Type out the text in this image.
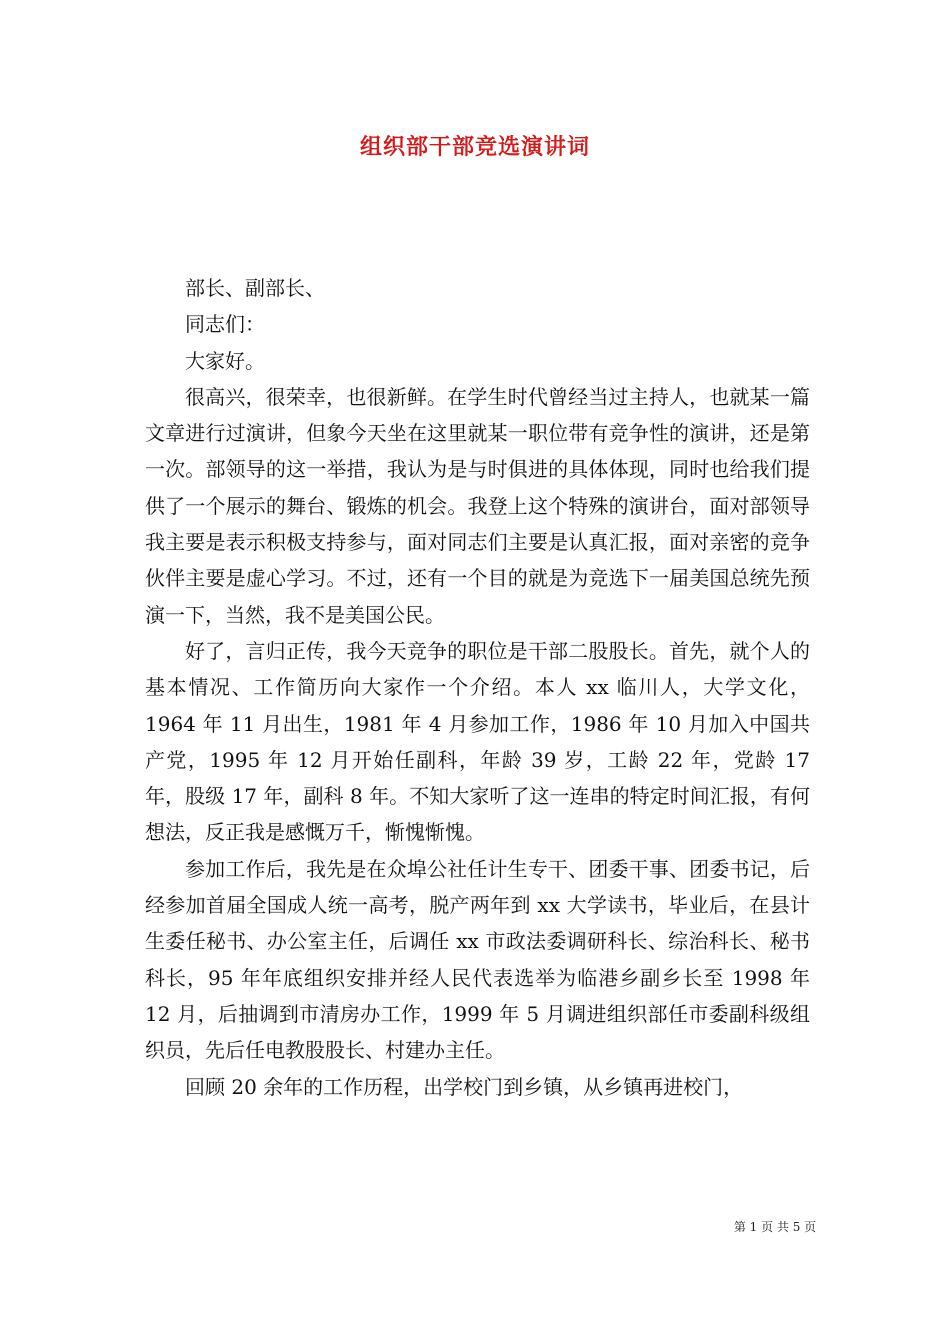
组织部干部竞选演讲词

部长、副部长、

同志们：

大家好。

很高兴，很荣幸，也很新鲜。在学生时代曾经当过主持人，也就某一篇文章进行过演讲，但象今天坐在这里就某一职位带有竞争性的演讲，还是第一次。部领导的这一举措，我认为是与时俱进的具体体现，同时也给我们提供了一个展示的舞台、锻炼的机会。我登上这个特殊的演讲台，面对部领导我主要是表示积极支持参与，面对同志们主要是认真汇报，面对亲密的竞争伙伴主要是虚心学习。不过，还有一个目的就是为竞选下一届美国总统先预演一下，当然，我不是美国公民。

好了，言归正传，我今天竞争的职位是干部二股股长。首先，就个人的基本情况、工作简历向大家作一个介绍。本人 xx 临川人，大学文化，1964 年 11 月出生，1981 年 4 月参加工作，1986 年 10 月加入中国共产党，1995 年 12 月开始任副科，年龄 39 岁，工龄 22 年，党龄 17 年，股级 17 年，副科 8 年。不知大家听了这一连串的特定时间汇报，有何想法，反正我是感慨万千，惭愧惭愧。

参加工作后，我先是在众埠公社任计生专干、团委干事、团委书记，后经参加首届全国成人统一高考，脱产两年到 xx 大学读书，毕业后，在县计生委任秘书、办公室主任，后调任 xx 市政法委调研科长、综治科长、秘书科长，95 年年底组织安排并经人民代表选举为临港乡副乡长至 1998 年 12 月，后抽调到市清房办工作，1999 年 5 月调进组织部任市委副科级组织员，先后任电教股股长、村建办主任。

回顾 20 余年的工作历程，出学校门到乡镇，从乡镇再进校门，

第 1 页 共 5 页
